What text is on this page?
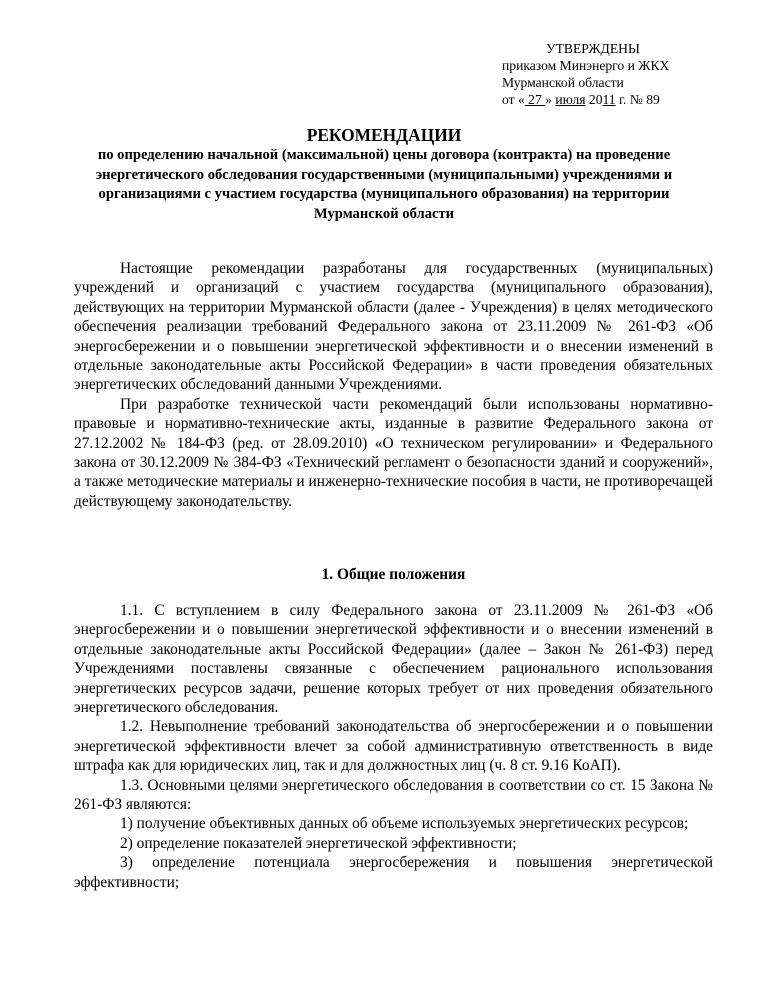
УТВЕРЖДЕНЫ
приказом Минэнерго и ЖКХ
Мурманской области
от « 27 » июля 2011 г. № 89
РЕКОМЕНДАЦИИ
по определению начальной (максимальной) цены договора (контракта) на проведение энергетического обследования государственными (муниципальными) учреждениями и организациями с участием государства (муниципального образования) на территории Мурманской области

Настоящие рекомендации разработаны для государственных (муниципальных) учреждений и организаций с участием государства (муниципального образования), действующих на территории Мурманской области (далее - Учреждения) в целях методического обеспечения реализации требований Федерального закона от 23.11.2009 № 261-ФЗ «Об энергосбережении и о повышении энергетической эффективности и о внесении изменений в отдельные законодательные акты Российской Федерации» в части проведения обязательных энергетических обследований данными Учреждениями.

При разработке технической части рекомендаций были использованы нормативно-правовые и нормативно-технические акты, изданные в развитие Федерального закона от 27.12.2002 № 184-ФЗ (ред. от 28.09.2010) «О техническом регулировании» и Федерального закона от 30.12.2009 № 384-ФЗ «Технический регламент о безопасности зданий и сооружений», а также методические материалы и инженерно-технические пособия в части, не противоречащей действующему законодательству.

1. Общие положения

1.1. С вступлением в силу Федерального закона от 23.11.2009 № 261-ФЗ «Об энергосбережении и о повышении энергетической эффективности и о внесении изменений в отдельные законодательные акты Российской Федерации» (далее – Закон № 261-ФЗ) перед Учреждениями поставлены связанные с обеспечением рационального использования энергетических ресурсов задачи, решение которых требует от них проведения обязательного энергетического обследования.

1.2. Невыполнение требований законодательства об энергосбережении и о повышении энергетической эффективности влечет за собой административную ответственность в виде штрафа как для юридических лиц, так и для должностных лиц (ч. 8 ст. 9.16 КоАП).

1.3. Основными целями энергетического обследования в соответствии со ст. 15 Закона № 261-ФЗ являются:

1) получение объективных данных об объеме используемых энергетических ресурсов;

2) определение показателей энергетической эффективности;

3) определение потенциала энергосбережения и повышения энергетической эффективности;
